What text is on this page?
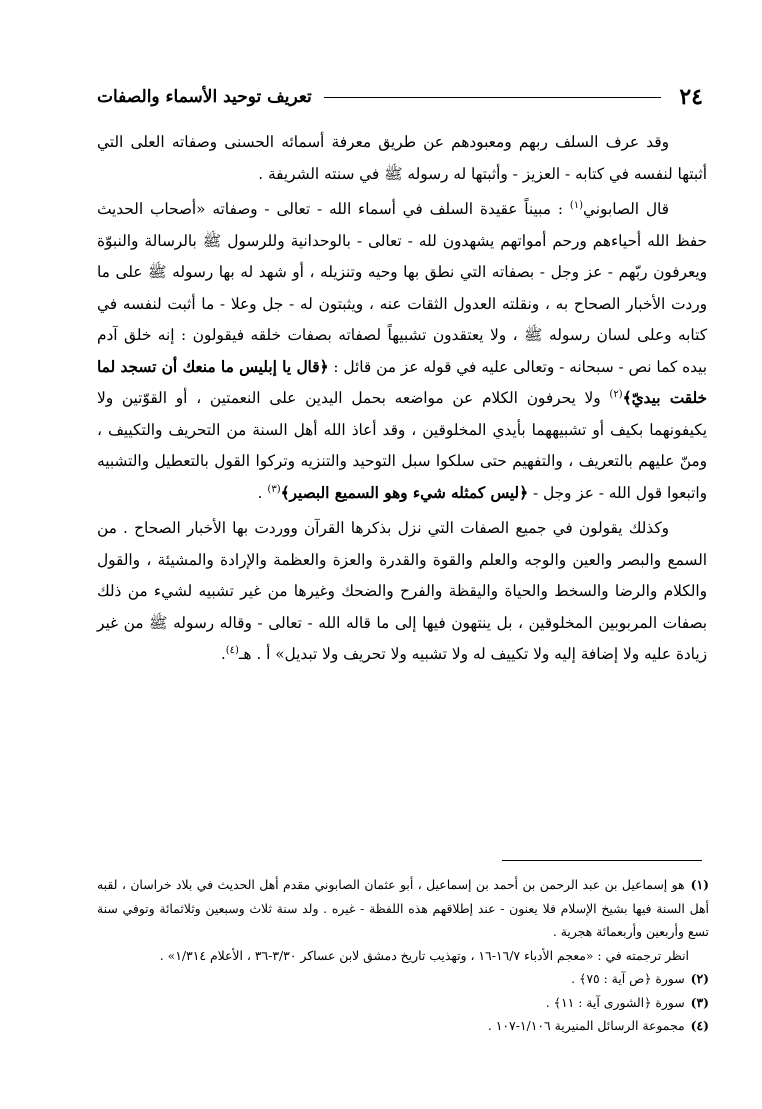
٢٤
تعريف توحيد الأسماء والصفات

وقد عرف السلف ربهم ومعبودهم عن طريق معرفة أسمائه الحسنى وصفاته العلى التي أثبتها لنفسه في كتابه - العزيز - وأثبتها له رسوله ﷺ في سنته الشريفة .

قال الصابوني$^{(١)}$ : مبيناً عقيدة السلف في أسماء الله - تعالى - وصفاته «أصحاب الحديث حفظ الله أحياءهم ورحم أمواتهم يشهدون لله - تعالى - بالوحدانية وللرسول ﷺ بالرسالة والنبوّة ويعرفون ربّهم - عز وجل - بصفاته التي نطق بها وحيه وتنزيله ، أو شهد له بها رسوله ﷺ على ما وردت الأخبار الصحاح به ، ونقلته العدول الثقات عنه ، ويثبتون له - جل وعلا - ما أثبت لنفسه في كتابه وعلى لسان رسوله ﷺ ، ولا يعتقدون تشبيهاً لصفاته بصفات خلقه فيقولون : إنه خلق آدم بيده كما نص - سبحانه - وتعالى عليه في قوله عز من قائل : ﴿قال يا إبليس ما منعك أن تسجد لما خلقت بيديّ﴾$^{(٢)}$ ولا يحرفون الكلام عن مواضعه بحمل اليدين على النعمتين ، أو القوّتين ولا يكيفونهما بكيف أو تشبيههما بأيدي المخلوقين ، وقد أعاذ الله أهل السنة من التحريف والتكييف ، ومنّ عليهم بالتعريف ، والتفهيم حتى سلكوا سبل التوحيد والتنزيه وتركوا القول بالتعطيل والتشبيه واتبعوا قول الله - عز وجل - ﴿ليس كمثله شيء وهو السميع البصير﴾$^{(٣)}$ .

وكذلك يقولون في جميع الصفات التي نزل بذكرها القرآن ووردت بها الأخبار الصحاح . من السمع والبصر والعين والوجه والعلم والقوة والقدرة والعزة والعظمة والإرادة والمشيئة ، والقول والكلام والرضا والسخط والحياة واليقظة والفرح والضحك وغيرها من غير تشبيه لشيء من ذلك بصفات المربوبين المخلوقين ، بل ينتهون فيها إلى ما قاله الله - تعالى - وقاله رسوله ﷺ من غير زيادة عليه ولا إضافة إليه ولا تكييف له ولا تشبيه ولا تحريف ولا تبديل» أ . هـ$^{(٤)}$.

(١)هو إسماعيل بن عبد الرحمن بن أحمد بن إسماعيل ، أبو عثمان الصابوني مقدم أهل الحديث في بلاد خراسان ، لقبه أهل السنة فيها بشيخ الإسلام فلا يعنون - عند إطلاقهم هذه اللفظة - غيره . ولد سنة ثلاث وسبعين وثلاثمائة وتوفي سنة تسع وأربعين وأربعمائة هجرية .

انظر ترجمته في : «معجم الأدباء ١٦/٧-١٦ ، وتهذيب تاريخ دمشق لابن عساكر ٣/٣٠-٣٦ ، الأعلام ١/٣١٤» .

(٢)سورة ﴿ص آية : ٧٥﴾ .

(٣)سورة ﴿الشورى آية : ١١﴾ .

(٤)مجموعة الرسائل المنيرية ١/١٠٦-١٠٧ .
